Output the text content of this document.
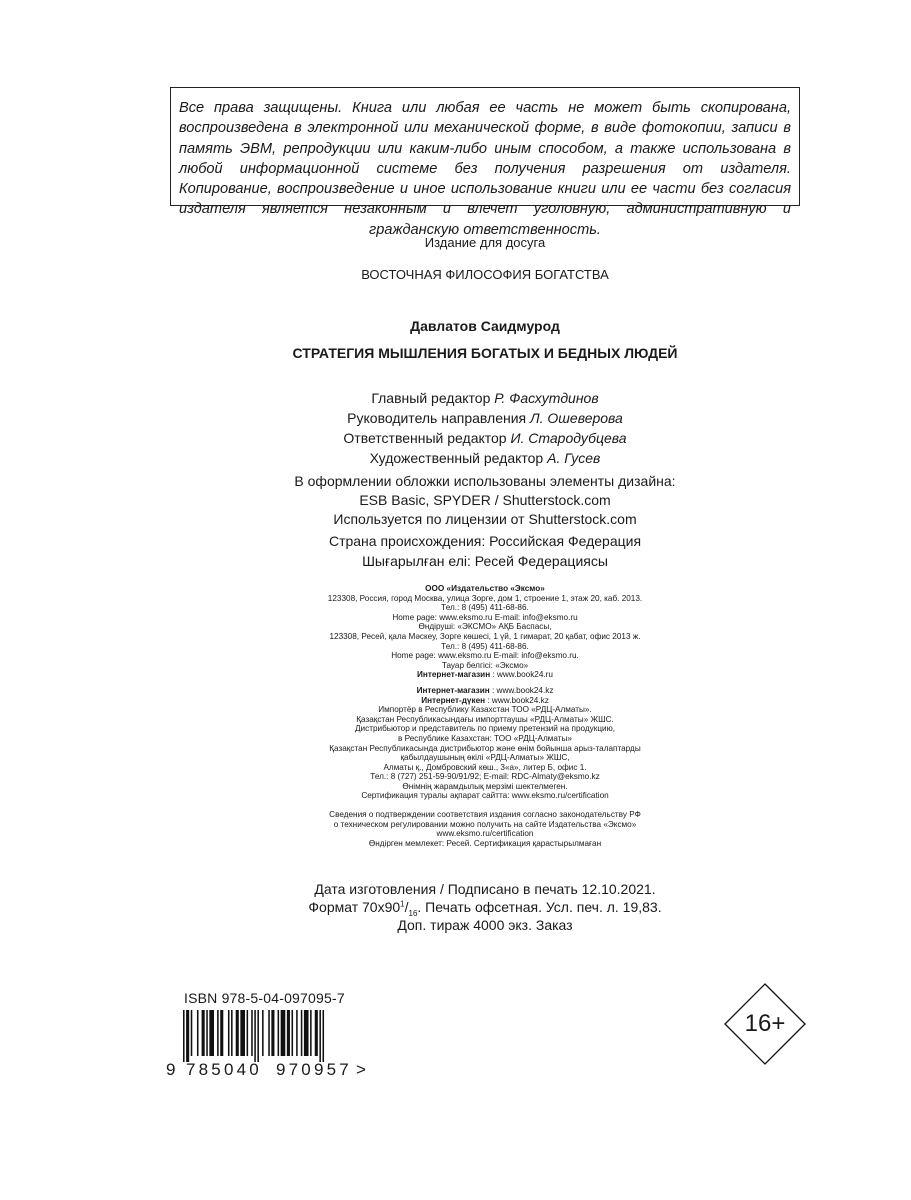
Все права защищены. Книга или любая ее часть не может быть скопирована, воспроизведена в электронной или механической форме, в виде фотокопии, записи в память ЭВМ, репродукции или каким-либо иным способом, а также использована в любой информационной системе без получения разрешения от издателя. Копирование, воспроизведение и иное использование книги или ее части без согласия издателя является незаконным и влечет уголовную, административную и гражданскую ответственность.
Издание для досуга
ВОСТОЧНАЯ ФИЛОСОФИЯ БОГАТСТВА
Давлатов Саидмурод
СТРАТЕГИЯ МЫШЛЕНИЯ БОГАТЫХ И БЕДНЫХ ЛЮДЕЙ
Главный редактор Р. Фасхутдинов
Руководитель направления Л. Ошеверова
Ответственный редактор И. Стародубцева
Художественный редактор А. Гусев
В оформлении обложки использованы элементы дизайна:
ESB Basic, SPYDER / Shutterstock.com
Используется по лицензии от Shutterstock.com
Страна происхождения: Российская Федерация
Шығарылған елі: Ресей Федерациясы
ООО «Издательство «Эксмо»
123308, Россия, город Москва, улица Зорге, дом 1, строение 1, этаж 20, каб. 2013.
Тел.: 8 (495) 411-68-86.
Home page: www.eksmo.ru E-mail: info@eksmo.ru
Өндіруші: «ЭКСМО» АҚБ Баспасы,
123308, Ресей, қала Мәскеу, Зорге көшесі, 1 үй, 1 гимарат, 20 қабат, офис 2013 ж.
Тел.: 8 (495) 411-68-86.
Home page: www.eksmo.ru E-mail: info@eksmo.ru.
Тауар белгісі: «Эксмо»
Интернет-магазин : www.book24.ru
Интернет-магазин : www.book24.kz
Интернет-дүкен : www.book24.kz
Импортёр в Республику Казахстан ТОО «РДЦ-Алматы».
Қазақстан Республикасындағы импорттаушы «РДЦ-Алматы» ЖШС.
Дистрибьютор и представитель по приему претензий на продукцию,
в Республике Казахстан: ТОО «РДЦ-Алматы»
Қазақстан Республикасында дистрибьютор және өнім бойынша арыз-талаптарды
қабылдаушының өкілі «РДЦ-Алматы» ЖШС,
Алматы қ., Домбровский көш., 3«а», литер Б, офис 1.
Тел.: 8 (727) 251-59-90/91/92; E-mail: RDC-Almaty@eksmo.kz
Өнімнің жарамдылық мерзімі шектелмеген.
Сертификация туралы ақпарат сайтта: www.eksmo.ru/certification
Сведения о подтверждении соответствия издания согласно законодательству РФ
о техническом регулировании можно получить на сайте Издательства «Эксмо»
www.eksmo.ru/certification
Өндірген мемлекет: Ресей. Сертификация қарастырылмаған
Дата изготовления / Подписано в печать 12.10.2021.
Формат $70x90^1/_{16}$. Печать офсетная. Усл. печ. л. 19,83.
Доп. тираж 4000 экз. Заказ
ISBN 978-5-04-097095-7
9 785040 970957 >
16+
